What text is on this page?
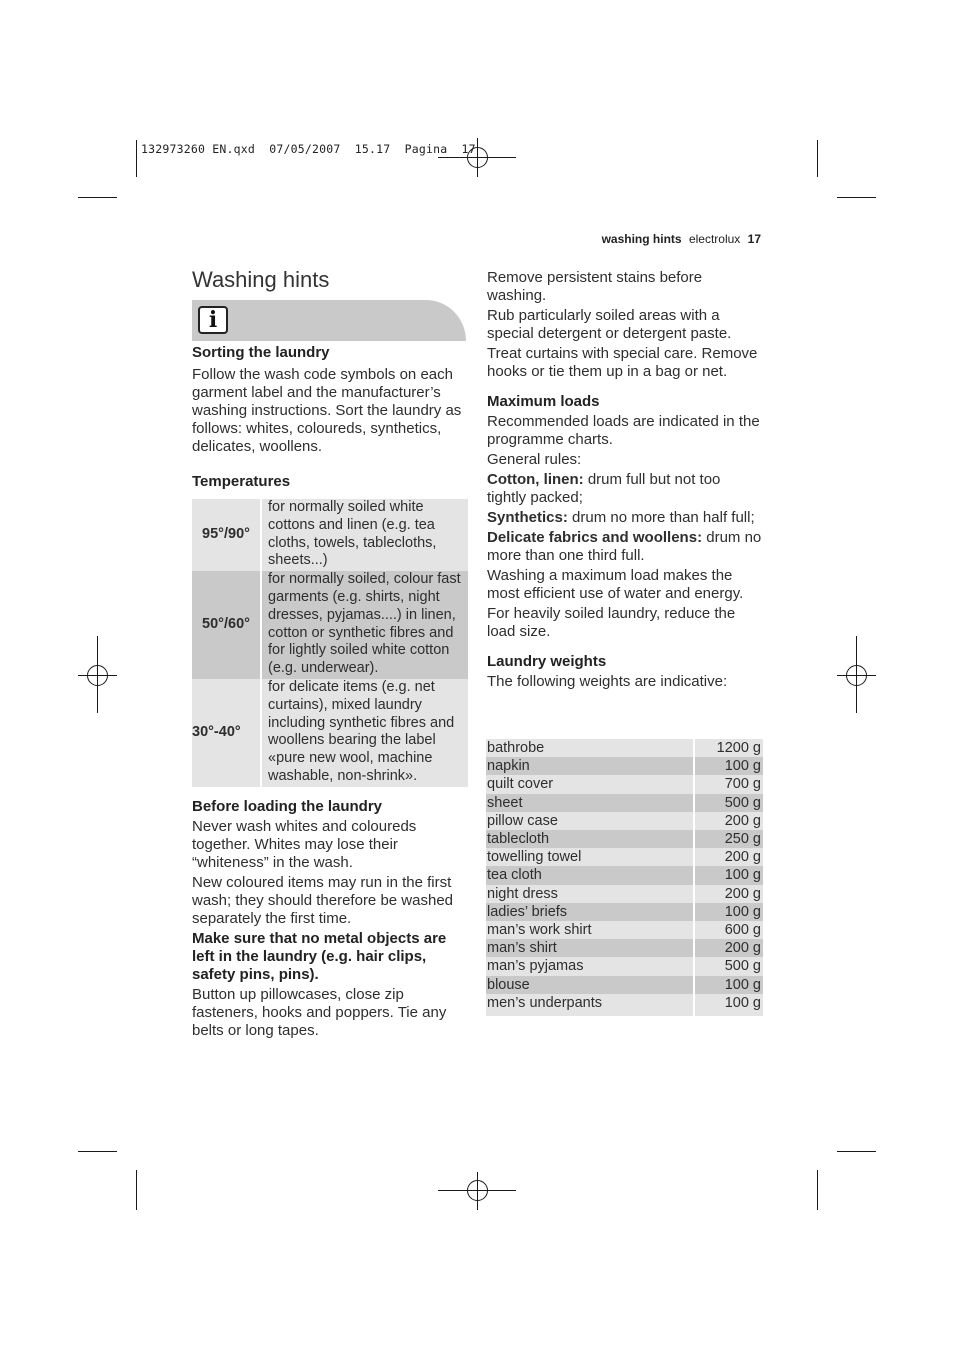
132973260 EN.qxd  07/05/2007  15.17  Pagina  17
washing hints electrolux 17
Washing hints
i
Sorting the laundry

Follow the wash code symbols on each garment label and the manufacturer’s washing instructions. Sort the laundry as follows: whites, coloureds, synthetics, delicates, woollens.

Temperatures
95°/90°	for normally soiled white cottons and linen (e.g. tea cloths, towels, tablecloths, sheets...)
50°/60°	for normally soiled, colour fast garments (e.g. shirts, night dresses, pyjamas....) in linen, cotton or synthetic fibres and for lightly soiled white cotton (e.g. underwear).
30°-40°	for delicate items (e.g. net curtains), mixed laundry including synthetic fibres and woollens bearing the label «pure new wool, machine washable, non-shrink».
Before loading the laundry

Never wash whites and coloureds together. Whites may lose their “whiteness” in the wash.

New coloured items may run in the first wash; they should therefore be washed separately the first time.

Make sure that no metal objects are left in the laundry (e.g. hair clips, safety pins, pins).

Button up pillowcases, close zip fasteners, hooks and poppers. Tie any belts or long tapes.

Remove persistent stains before washing.

Rub particularly soiled areas with a special detergent or detergent paste.

Treat curtains with special care. Remove hooks or tie them up in a bag or net.

Maximum loads

Recommended loads are indicated in the programme charts.

General rules:

Cotton, linen: drum full but not too tightly packed;

Synthetics: drum no more than half full;

Delicate fabrics and woollens: drum no more than one third full.

Washing a maximum load makes the most efficient use of water and energy.

For heavily soiled laundry, reduce the load size.

Laundry weights

The following weights are indicative:

bathrobe	1200 g
napkin	100 g
quilt cover	700 g
sheet	500 g
pillow case	200 g
tablecloth	250 g
towelling towel	200 g
tea cloth	100 g
night dress	200 g
ladies’ briefs	100 g
man’s work shirt	600 g
man’s shirt	200 g
man’s pyjamas	500 g
blouse	100 g
men’s underpants	100 g
